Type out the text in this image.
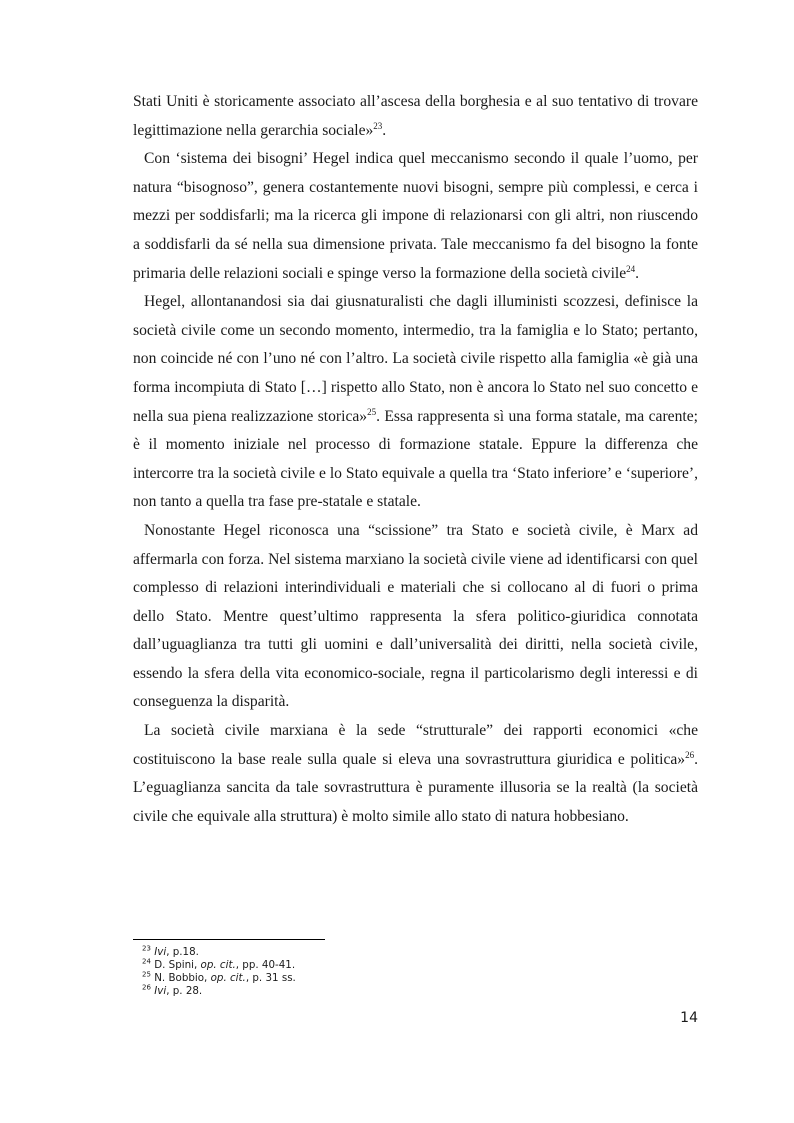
Stati Uniti è storicamente associato all’ascesa della borghesia e al suo tentativo di trovare legittimazione nella gerarchia sociale»$^{23}$.

Con ‘sistema dei bisogni’ Hegel indica quel meccanismo secondo il quale l’uomo, per natura “bisognoso”, genera costantemente nuovi bisogni, sempre più complessi, e cerca i mezzi per soddisfarli; ma la ricerca gli impone di relazionarsi con gli altri, non riuscendo a soddisfarli da sé nella sua dimensione privata. Tale meccanismo fa del bisogno la fonte primaria delle relazioni sociali e spinge verso la formazione della società civile$^{24}$.

Hegel, allontanandosi sia dai giusnaturalisti che dagli illuministi scozzesi, definisce la società civile come un secondo momento, intermedio, tra la famiglia e lo Stato; pertanto, non coincide né con l’uno né con l’altro. La società civile rispetto alla famiglia «è già una forma incompiuta di Stato […] rispetto allo Stato, non è ancora lo Stato nel suo concetto e nella sua piena realizzazione storica»$^{25}$. Essa rappresenta sì una forma statale, ma carente; è il momento iniziale nel processo di formazione statale. Eppure la differenza che intercorre tra la società civile e lo Stato equivale a quella tra ‘Stato inferiore’ e ‘superiore’, non tanto a quella tra fase pre-statale e statale.

Nonostante Hegel riconosca una “scissione” tra Stato e società civile, è Marx ad affermarla con forza. Nel sistema marxiano la società civile viene ad identificarsi con quel complesso di relazioni interindividuali e materiali che si collocano al di fuori o prima dello Stato. Mentre quest’ultimo rappresenta la sfera politico-giuridica connotata dall’uguaglianza tra tutti gli uomini e dall’universalità dei diritti, nella società civile, essendo la sfera della vita economico-sociale, regna il particolarismo degli interessi e di conseguenza la disparità.

La società civile marxiana è la sede “strutturale” dei rapporti economici «che costituiscono la base reale sulla quale si eleva una sovrastruttura giuridica e politica»$^{26}$. L’eguaglianza sancita da tale sovrastruttura è puramente illusoria se la realtà (la società civile che equivale alla struttura) è molto simile allo stato di natura hobbesiano.

$^{23}$ Ivi, p.18.
$^{24}$ D. Spini, op. cit., pp. 40-41.
$^{25}$ N. Bobbio, op. cit., p. 31 ss.
$^{26}$ Ivi, p. 28.
14
